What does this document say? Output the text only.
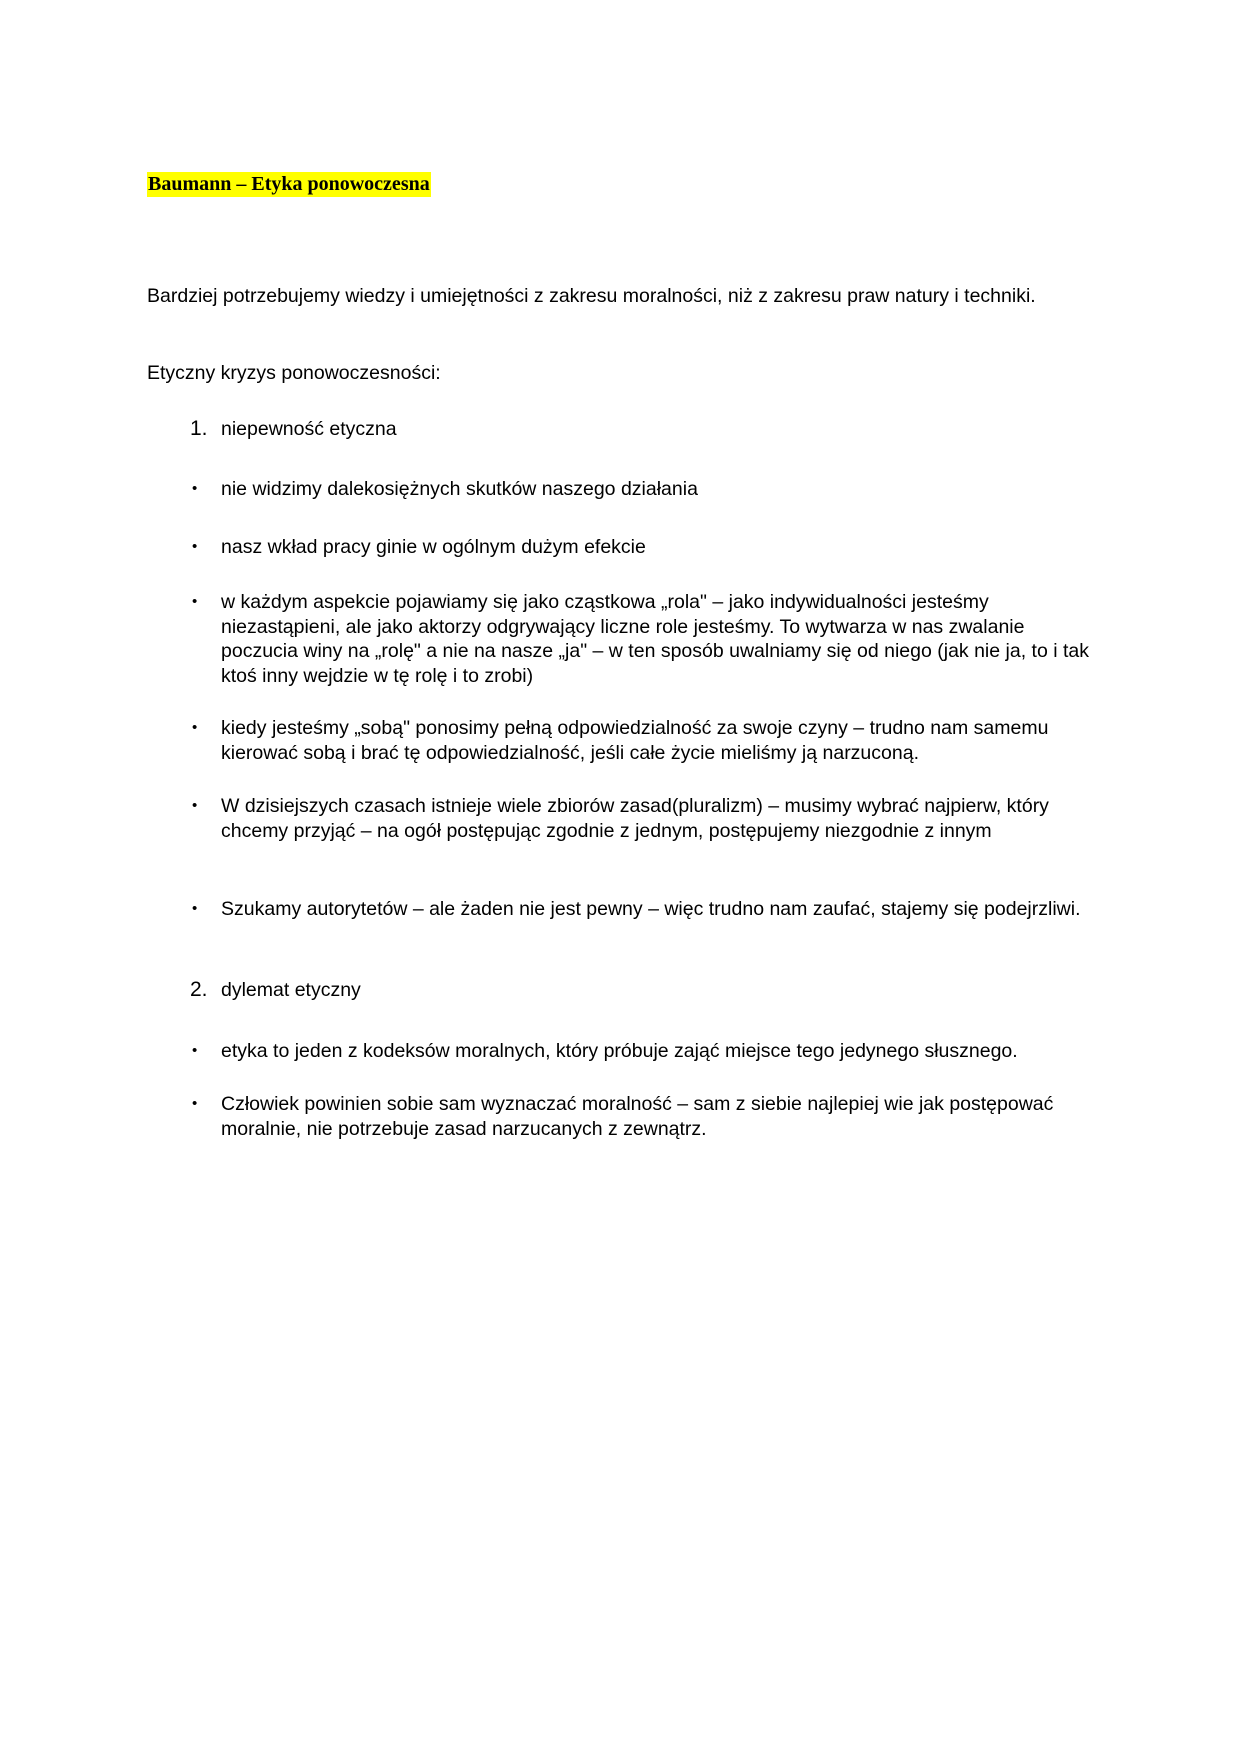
Baumann – Etyka ponowoczesna
Bardziej potrzebujemy wiedzy i umiejętności z zakresu moralności, niż z zakresu praw natury i techniki.
Etyczny kryzys ponowoczesności:
1. niepewność etyczna
•	nie widzimy dalekosiężnych skutków naszego działania
•	nasz wkład pracy ginie w ogólnym dużym efekcie
•	w każdym aspekcie pojawiamy się jako cząstkowa „rola" – jako indywidualności jesteśmy niezastąpieni, ale jako aktorzy odgrywający liczne role jesteśmy. To wytwarza w nas zwalanie poczucia winy na „rolę" a nie na nasze „ja" – w ten sposób uwalniamy się od niego (jak nie ja, to i tak ktoś inny wejdzie w tę rolę i to zrobi)
•	kiedy jesteśmy „sobą" ponosimy pełną odpowiedzialność za swoje czyny – trudno nam samemu kierować sobą i brać tę odpowiedzialność, jeśli całe życie mieliśmy ją narzuconą.
•	W dzisiejszych czasach istnieje wiele zbiorów zasad(pluralizm) – musimy wybrać najpierw, który chcemy przyjąć – na ogół postępując zgodnie z jednym, postępujemy niezgodnie z innym
•	Szukamy autorytetów – ale żaden nie jest pewny – więc trudno nam zaufać, stajemy się podejrzliwi.
2. dylemat etyczny
•	etyka to jeden z kodeksów moralnych, który próbuje zająć miejsce tego jedynego słusznego.
•	Człowiek powinien sobie sam wyznaczać moralność – sam z siebie najlepiej wie jak postępować moralnie, nie potrzebuje zasad narzucanych z zewnątrz.
